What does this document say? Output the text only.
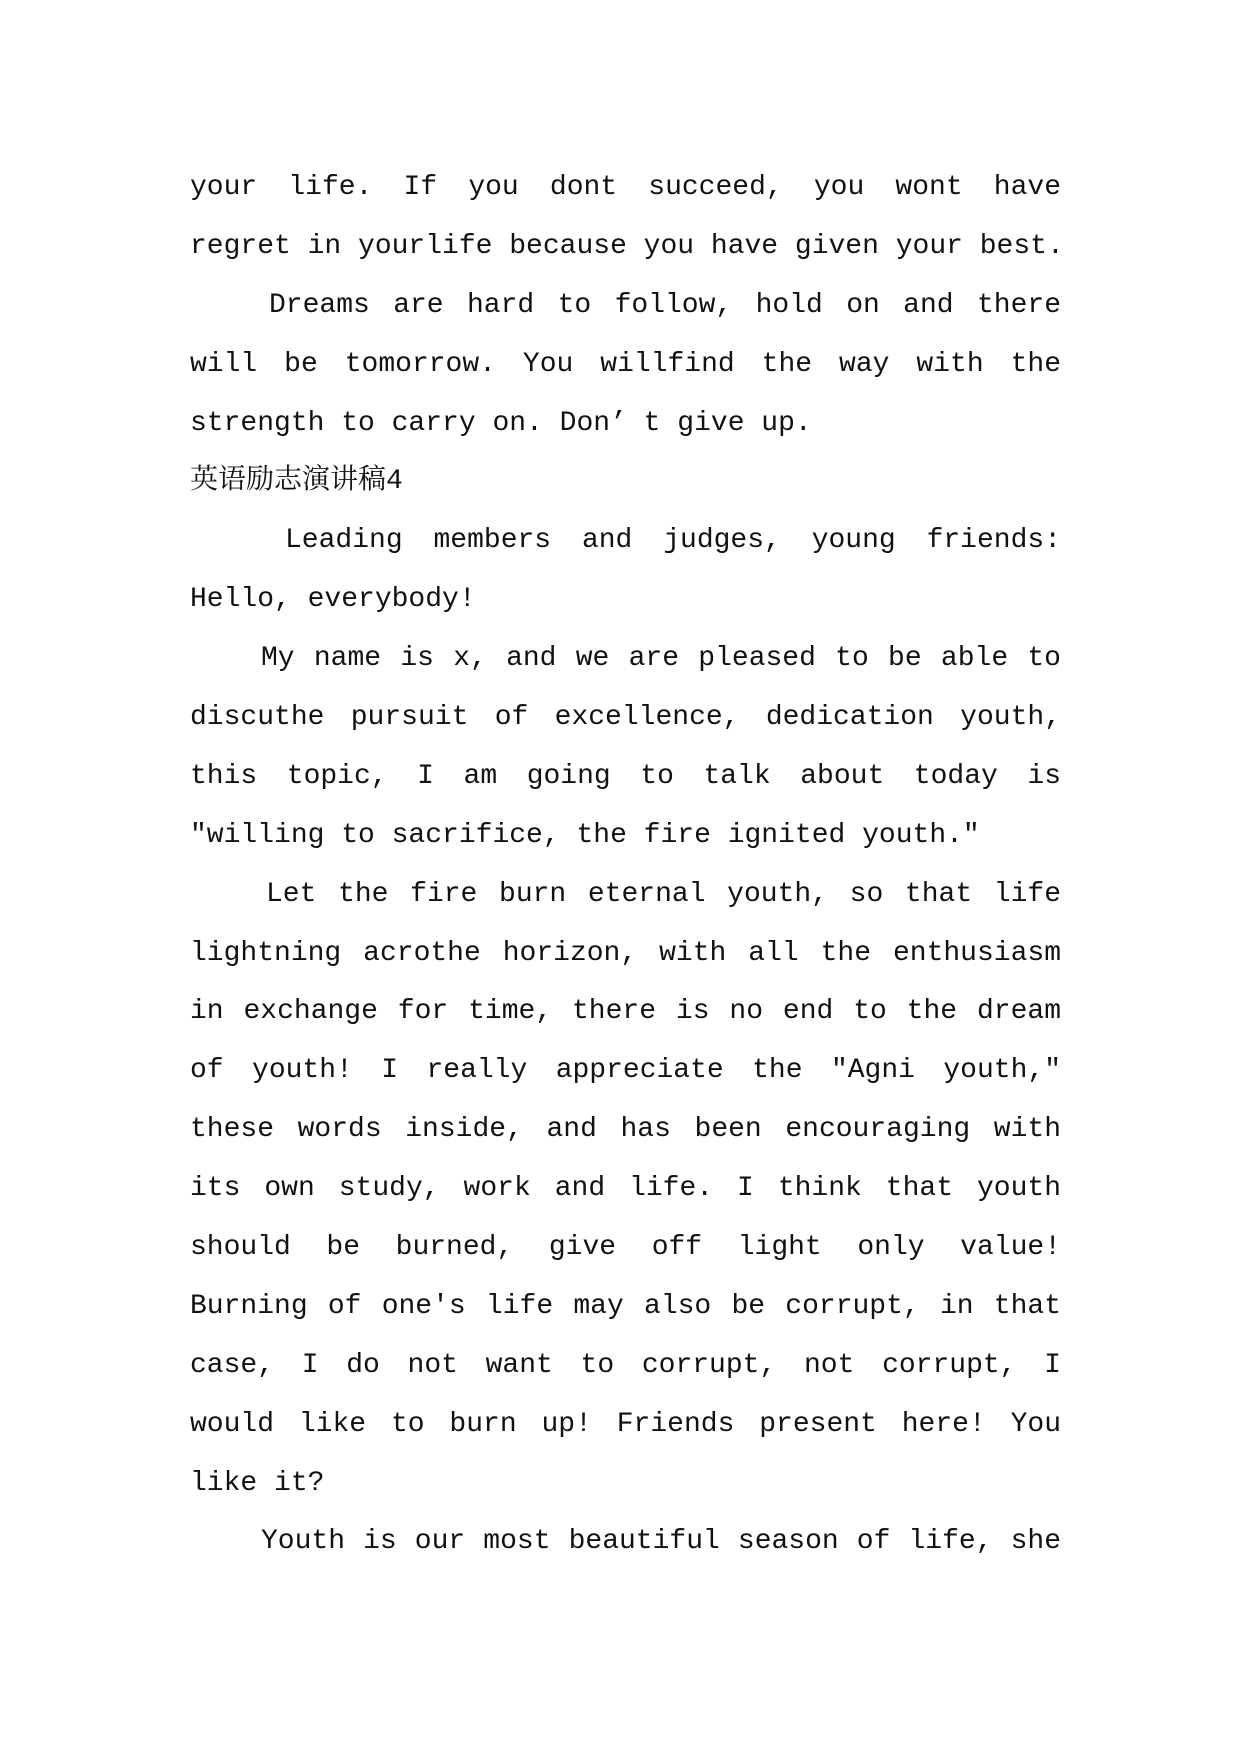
your life. If you dont succeed, you wont have
regret in yourlife because you have given your best.
Dreams are hard to follow, hold on and there
will be tomorrow. You willfind the way with the
strength to carry on. Don’ t give up.
英语励志演讲稿4
Leading members and judges, young friends:
Hello, everybody!
My name is x, and we are pleased to be able to
discuthe pursuit of excellence, dedication youth,
this topic, I am going to talk about today is
"willing to sacrifice, the fire ignited youth."
Let the fire burn eternal youth, so that life
lightning acrothe horizon, with all the enthusiasm
in exchange for time, there is no end to the dream
of youth! I really appreciate the "Agni youth,"
these words inside, and has been encouraging with
its own study, work and life. I think that youth
should be burned, give off light only value!
Burning of one's life may also be corrupt, in that
case, I do not want to corrupt, not corrupt, I
would like to burn up! Friends present here! You
like it?
Youth is our most beautiful season of life, she
